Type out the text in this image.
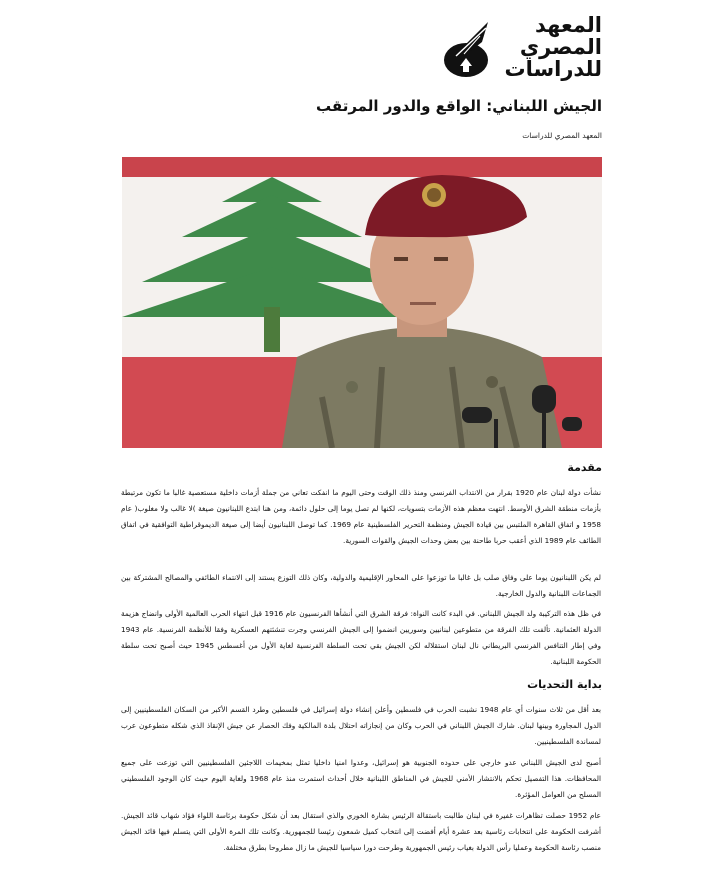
المعهد
المصري
للدراسات
الجيش اللبناني: الواقع والدور المرتقب
المعهد المصري للدراسات
مقدمة
نشأت دولة لبنان عام 1920 بقرار من الانتداب الفرنسي ومنذ ذلك الوقت وحتى اليوم ما انفكت تعاني من جملة أزمات داخلية مستعصية غالبا ما تكون مرتبطة بأزمات منطقة الشرق الأوسط. انتهت معظم هذه الأزمات بتسويات، لكنها لم تصل يوما إلى حلول دائمة، ومن هنا ابتدع اللبنانيون صيغة )لا غالب ولا مغلوب( عام 1958 و اتفاق القاهرة الملتبس بين قيادة الجيش ومنظمة التحرير الفلسطينية عام 1969. كما توصل اللبنانيون أيضا إلى صيغة الديموقراطية التوافقية في اتفاق الطائف عام 1989 الذي أعقب حربا طاحنة بين بعض وحدات الجيش والقوات السورية.
لم يكن اللبنانيون يوما على وفاق صلب بل غالبا ما توزعوا على المحاور الإقليمية والدولية، وكان ذلك التوزع يستند إلى الانتماء الطائفي والمصالح المشتركة بين الجماعات اللبنانية والدول الخارجية.
في ظل هذه التركيبة ولد الجيش اللبناني. في البدء كانت النواة: فرقة الشرق التي أنشأها الفرنسيون عام 1916 قبل انتهاء الحرب العالمية الأولى وانضاج هزيمة الدولة العثمانية. تألفت تلك الفرقة من متطوعين لبنانيين وسوريين انضموا إلى الجيش الفرنسي وجرت تنشئتهم العسكرية وفقا للأنظمة الفرنسية. عام 1943 وفي إطار التنافس الفرنسي البريطاني نال لبنان استقلاله لكن الجيش بقي تحت السلطة الفرنسية لغاية الأول من أغسطس 1945 حيث أصبح تحت سلطة الحكومة اللبنانية.
بداية التحديات
بعد أقل من ثلاث سنوات أي عام 1948 نشبت الحرب في فلسطين وأعلن إنشاء دولة إسرائيل في فلسطين وطرد القسم الأكبر من السكان الفلسطينيين إلى الدول المجاورة وبينها لبنان. شارك الجيش اللبناني في الحرب وكان من إنجازاته احتلال بلدة المالكية وفك الحصار عن جيش الإنقاذ الذي شكله متطوعون عرب لمساندة الفلسطينيين.
أصبح لدى الجيش اللبناني عدو خارجي على حدوده الجنوبية هو إسرائيل، وعدوا امنيا داخليا تمثل بمخيمات اللاجئين الفلسطينيين التي توزعت على جميع المحافظات. هذا التفصيل تحكم بالانتشار الأمني للجيش في المناطق اللبنانية خلال أحداث استمرت منذ عام 1968 ولغاية اليوم حيث كان الوجود الفلسطيني المسلح من العوامل المؤثرة.
عام 1952 حصلت تظاهرات غفيرة في لبنان طالبت باستقالة الرئيس بشارة الخوري والذي استقال بعد أن شكل حكومة برئاسة اللواء فؤاد شهاب قائد الجيش. أشرفت الحكومة على انتخابات رئاسية بعد عشرة أيام أفضت إلى انتخاب كميل شمعون رئيسا للجمهورية. وكانت تلك المرة الأولى التي يتسلم فيها قائد الجيش منصب رئاسة الحكومة وعمليا رأس الدولة بغياب رئيس الجمهورية وطرحت دورا سياسيا للجيش ما زال مطروحا بطرق مختلفة.
